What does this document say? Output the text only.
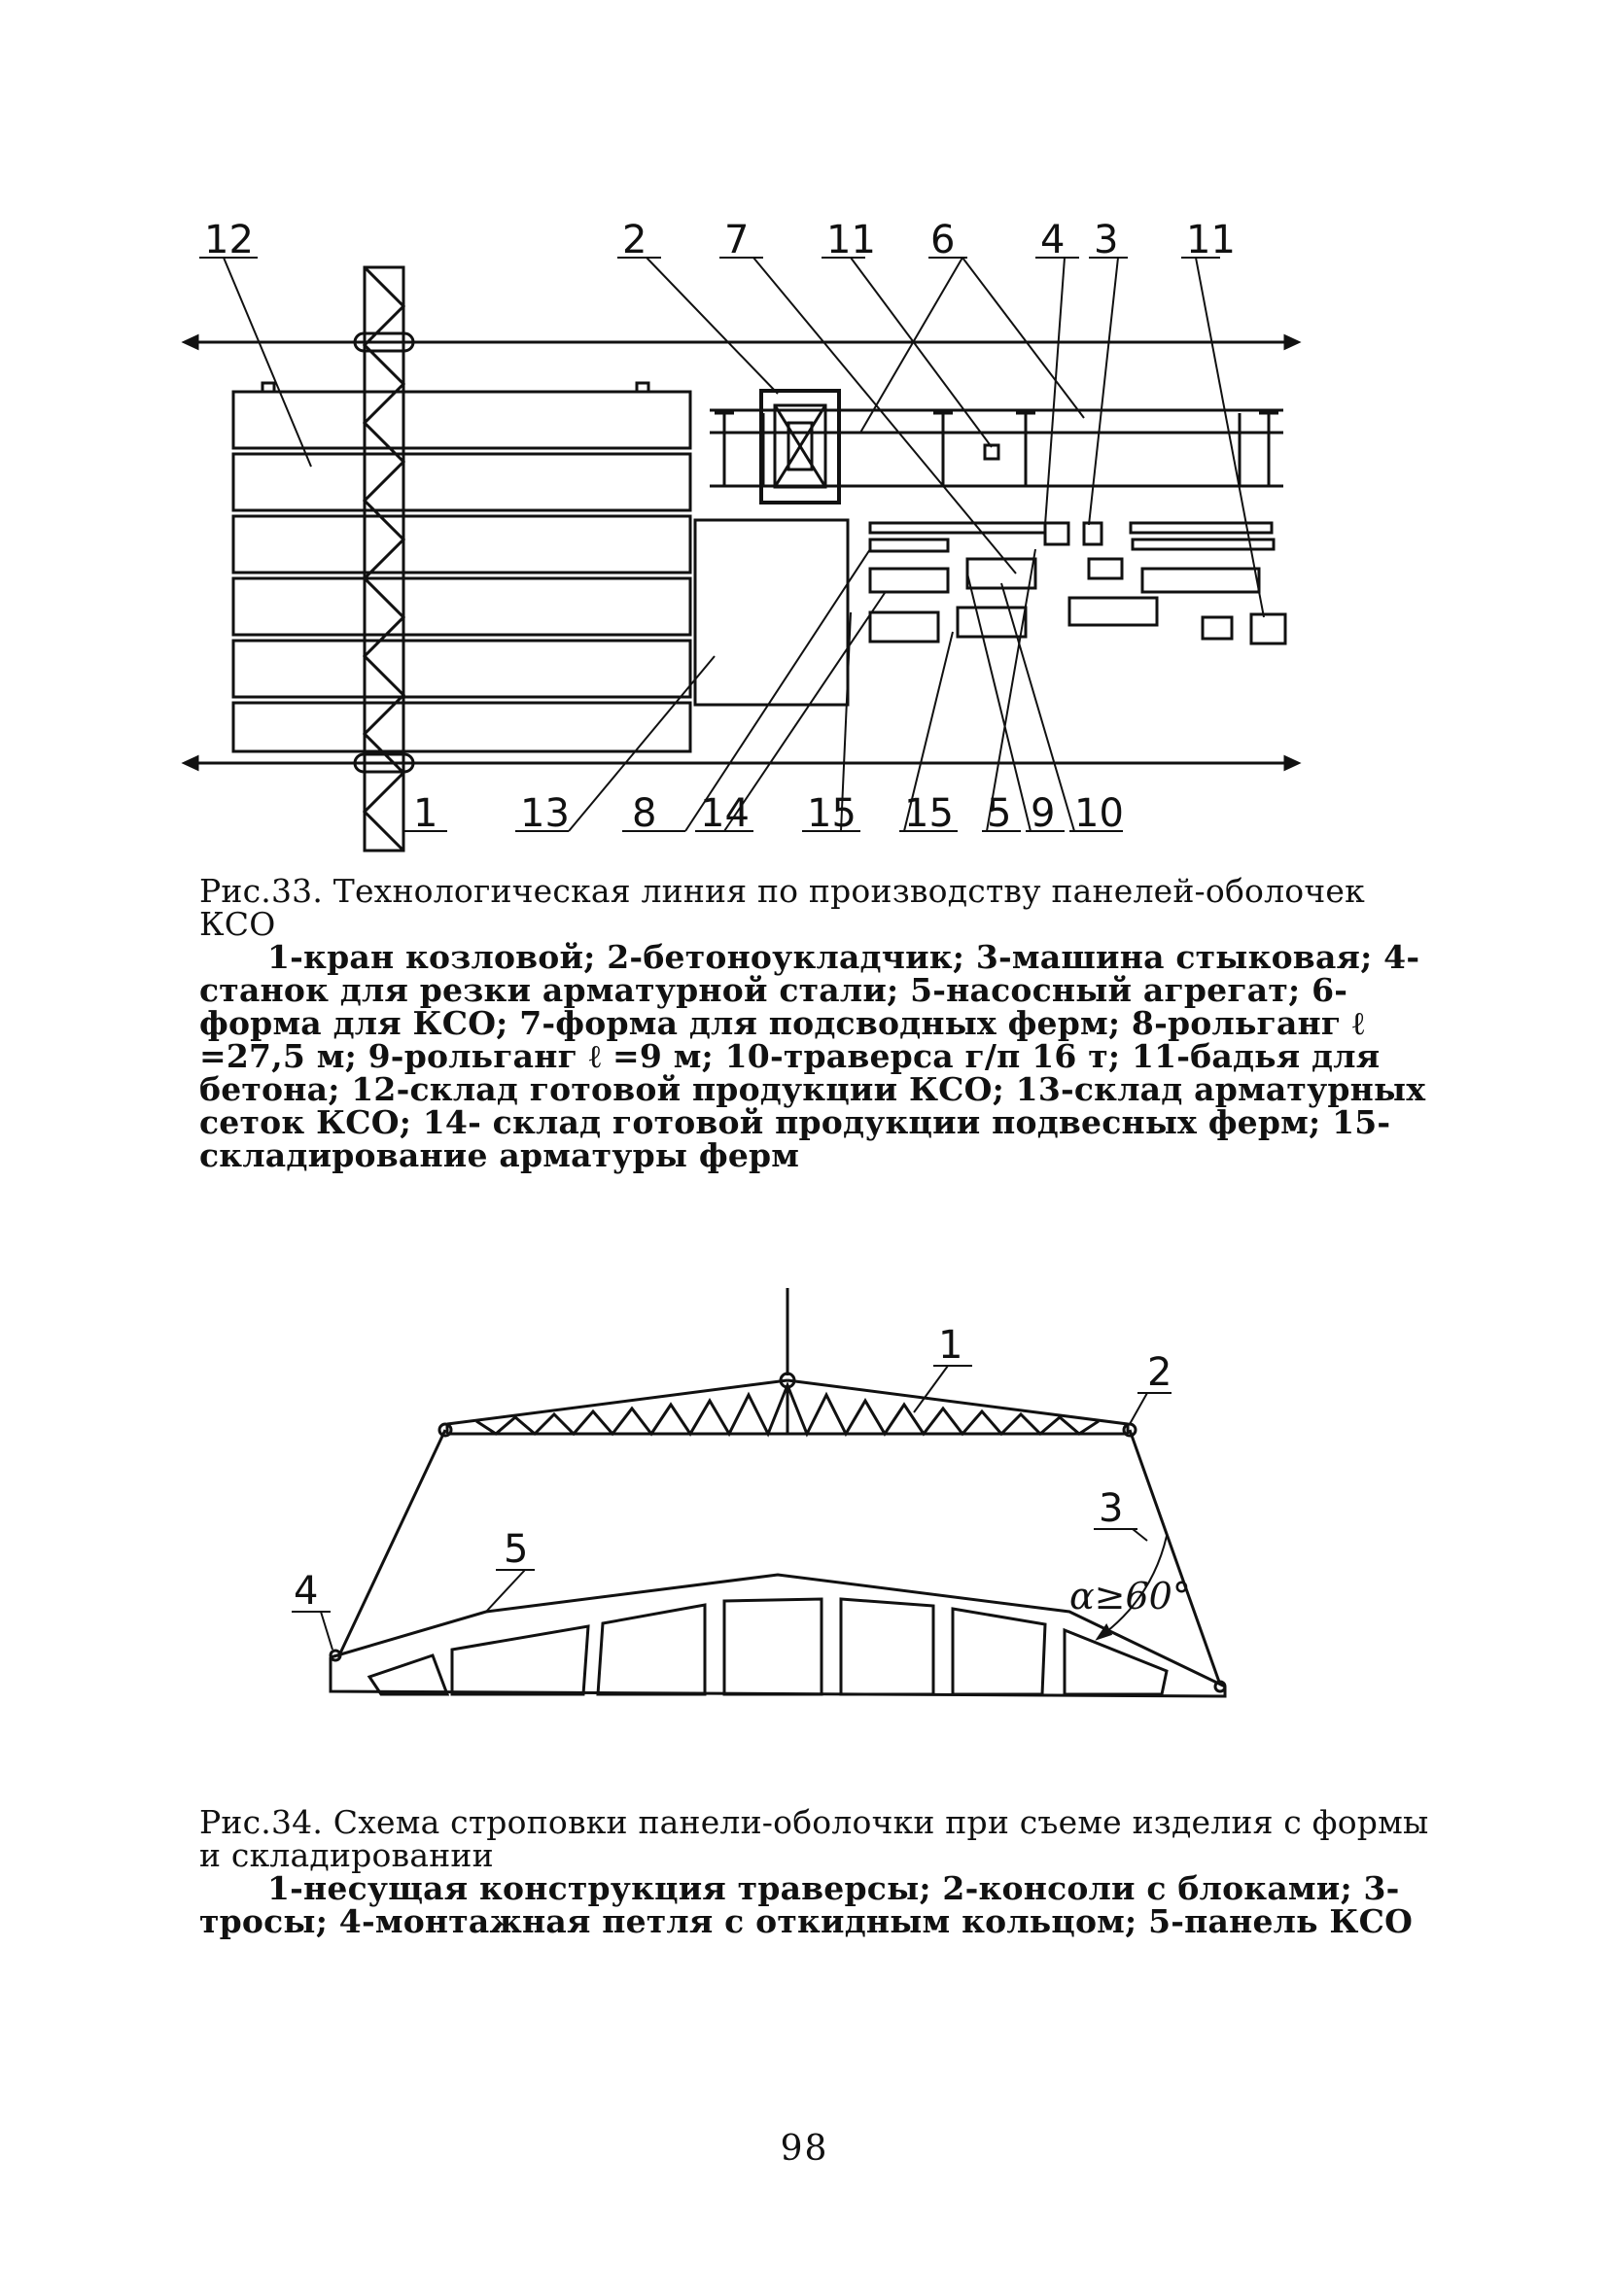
12	2 7 11 6 4 3 11
1 13 8 14 15 15 5 9 10
Рис.33. Технологическая линия по производству панелей-оболочек КСО
1-кран козловой; 2-бетоноукладчик; 3-машина стыковая; 4-станок для резки арматурной стали; 5-насосный агрегат; 6-форма для КСО; 7-форма для подсводных ферм; 8-рольганг ℓ =27,5 м; 9-рольганг ℓ =9 м; 10-траверса г/п 16 т; 11-бадья для бетона; 12-склад готовой продукции КСО; 13-склад арматурных сеток КСО; 14- склад готовой продукции подвесных ферм; 15-складирование арматуры ферм
1
2
3
4
5
α≥60°
Рис.34. Схема строповки панели-оболочки при съеме изделия с формы и складировании
1-несущая конструкция траверсы; 2-консоли с блоками; 3-тросы; 4-монтажная петля с откидным кольцом; 5-панель КСО
98
